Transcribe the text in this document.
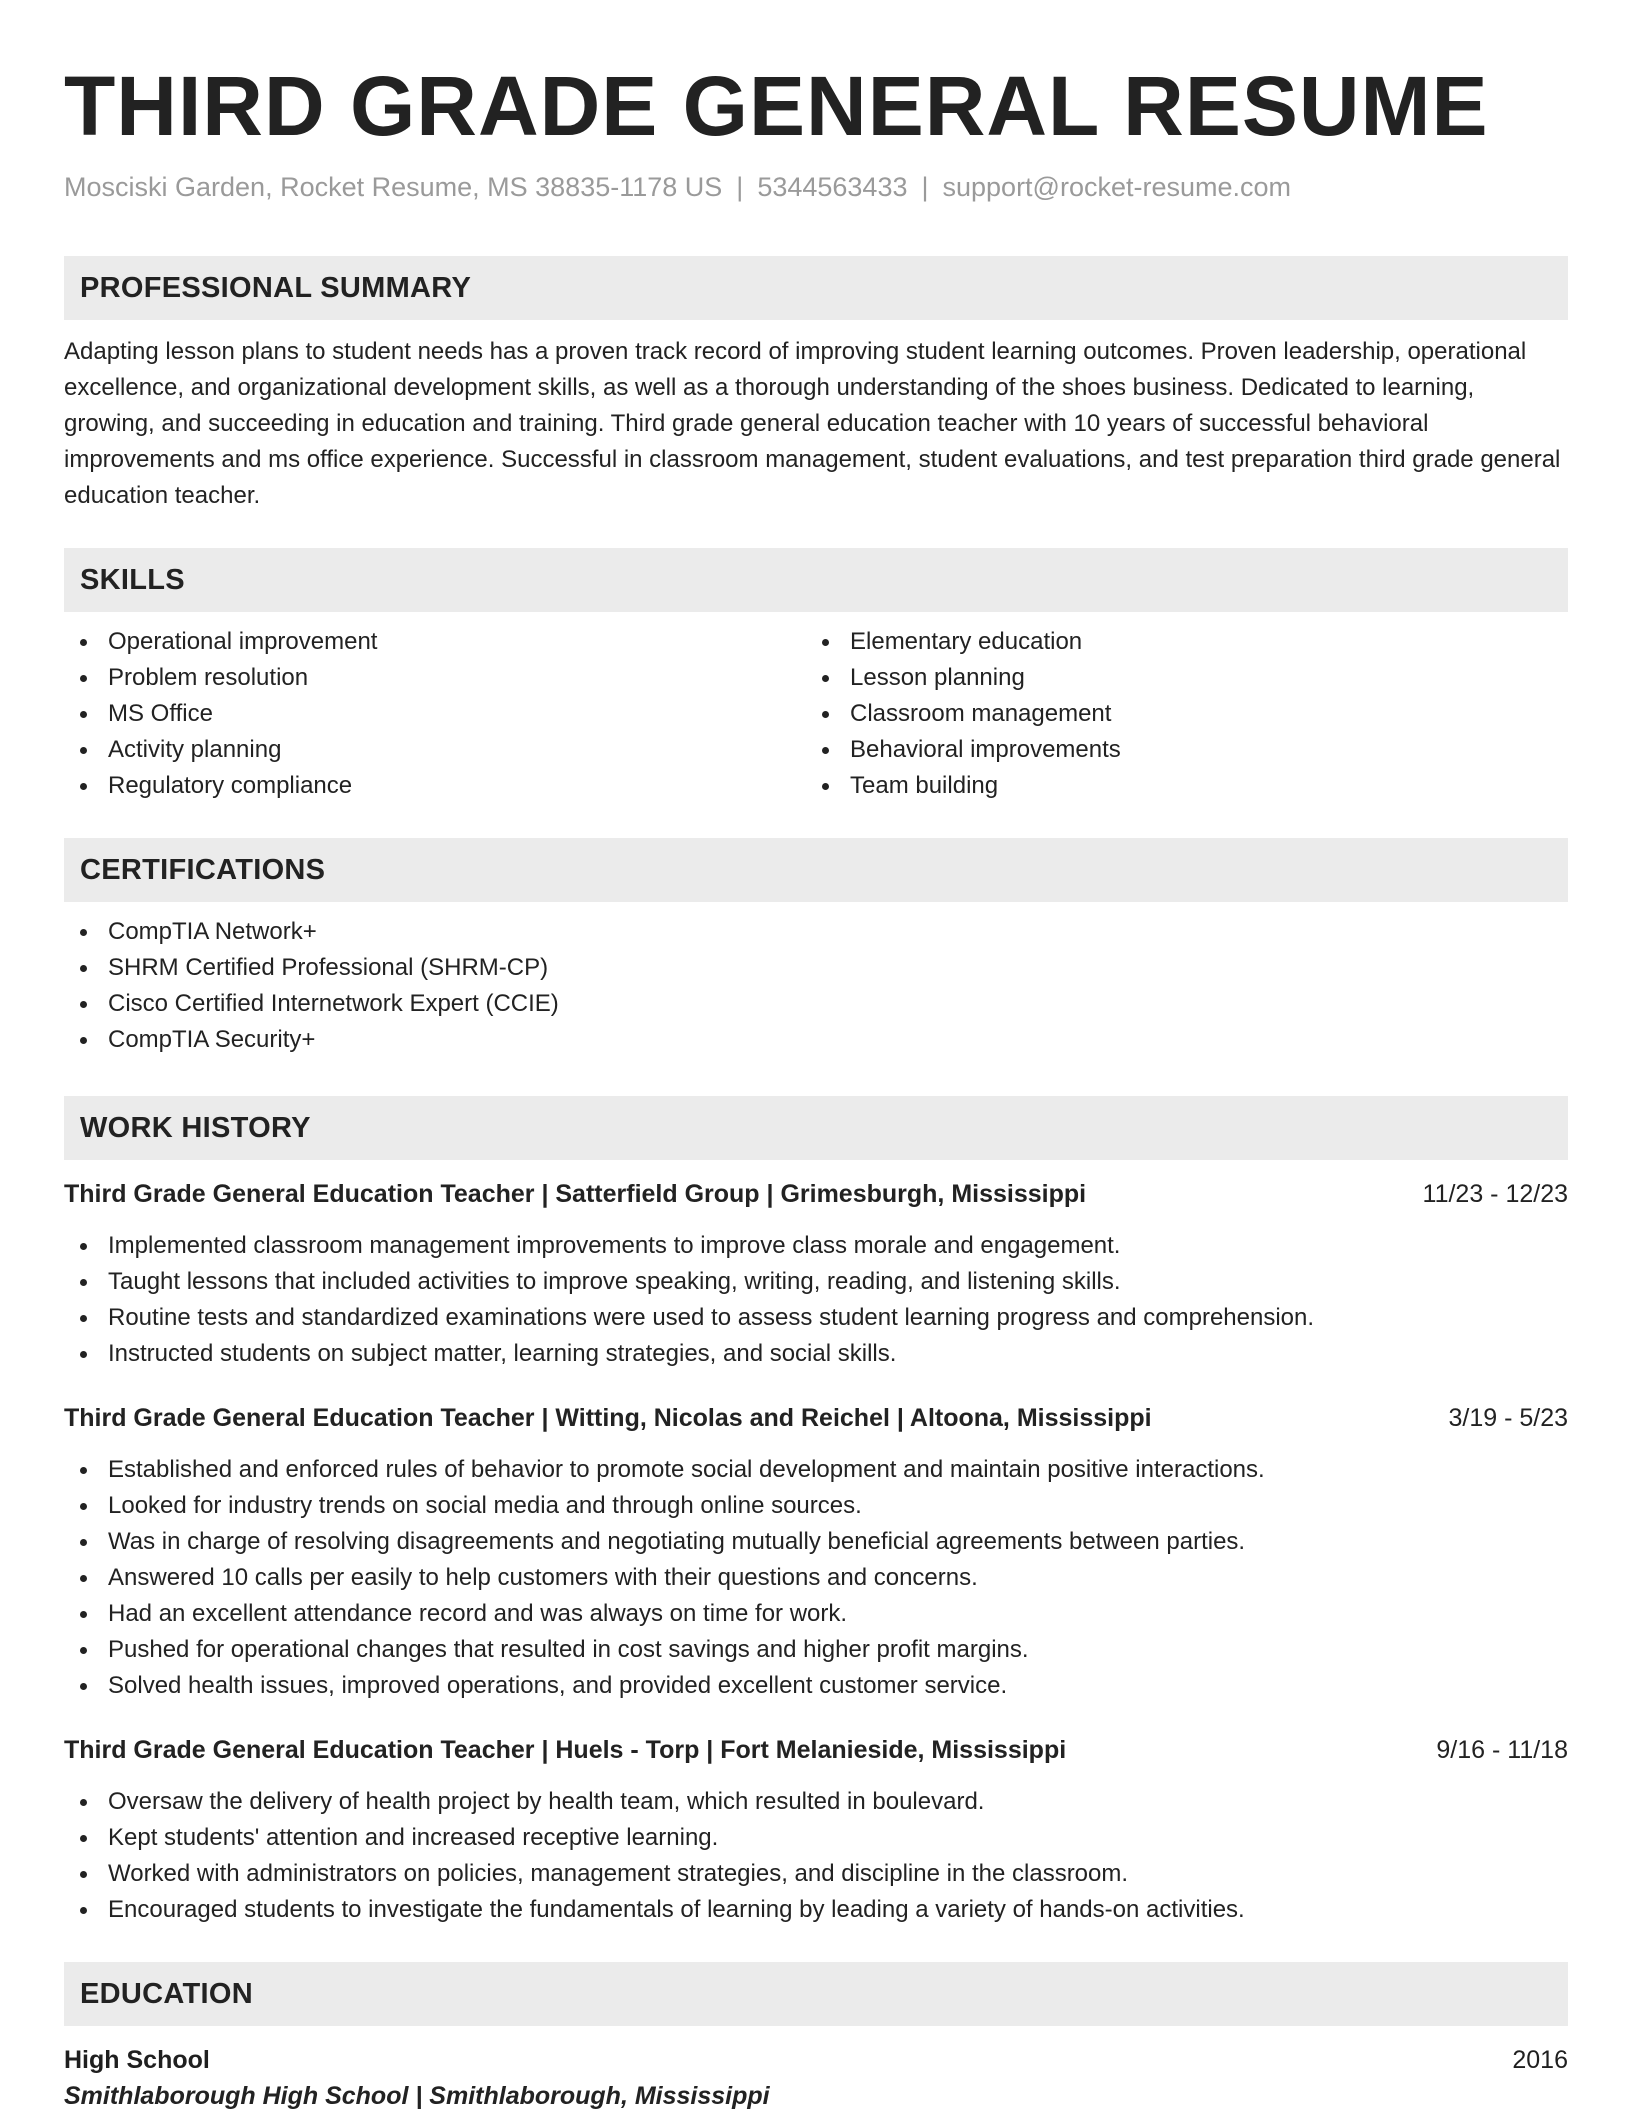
THIRD GRADE GENERAL RESUME
Mosciski Garden, Rocket Resume, MS 38835-1178 US | 5344563433 | support@rocket-resume.com
PROFESSIONAL SUMMARY
Adapting lesson plans to student needs has a proven track record of improving student learning outcomes. Proven leadership, operational excellence, and organizational development skills, as well as a thorough understanding of the shoes business. Dedicated to learning, growing, and succeeding in education and training. Third grade general education teacher with 10 years of successful behavioral improvements and ms office experience. Successful in classroom management, student evaluations, and test preparation third grade general education teacher.
SKILLS
Operational improvement
Problem resolution
MS Office
Activity planning
Regulatory compliance
Elementary education
Lesson planning
Classroom management
Behavioral improvements
Team building
CERTIFICATIONS
CompTIA Network+
SHRM Certified Professional (SHRM-CP)
Cisco Certified Internetwork Expert (CCIE)
CompTIA Security+
WORK HISTORY
Third Grade General Education Teacher | Satterfield Group | Grimesburgh, Mississippi	11/23 - 12/23
Implemented classroom management improvements to improve class morale and engagement.
Taught lessons that included activities to improve speaking, writing, reading, and listening skills.
Routine tests and standardized examinations were used to assess student learning progress and comprehension.
Instructed students on subject matter, learning strategies, and social skills.
Third Grade General Education Teacher | Witting, Nicolas and Reichel | Altoona, Mississippi	3/19 - 5/23
Established and enforced rules of behavior to promote social development and maintain positive interactions.
Looked for industry trends on social media and through online sources.
Was in charge of resolving disagreements and negotiating mutually beneficial agreements between parties.
Answered 10 calls per easily to help customers with their questions and concerns.
Had an excellent attendance record and was always on time for work.
Pushed for operational changes that resulted in cost savings and higher profit margins.
Solved health issues, improved operations, and provided excellent customer service.
Third Grade General Education Teacher | Huels - Torp | Fort Melanieside, Mississippi	9/16 - 11/18
Oversaw the delivery of health project by health team, which resulted in boulevard.
Kept students' attention and increased receptive learning.
Worked with administrators on policies, management strategies, and discipline in the classroom.
Encouraged students to investigate the fundamentals of learning by leading a variety of hands-on activities.
EDUCATION
High School	2016
Smithlaborough High School | Smithlaborough, Mississippi
